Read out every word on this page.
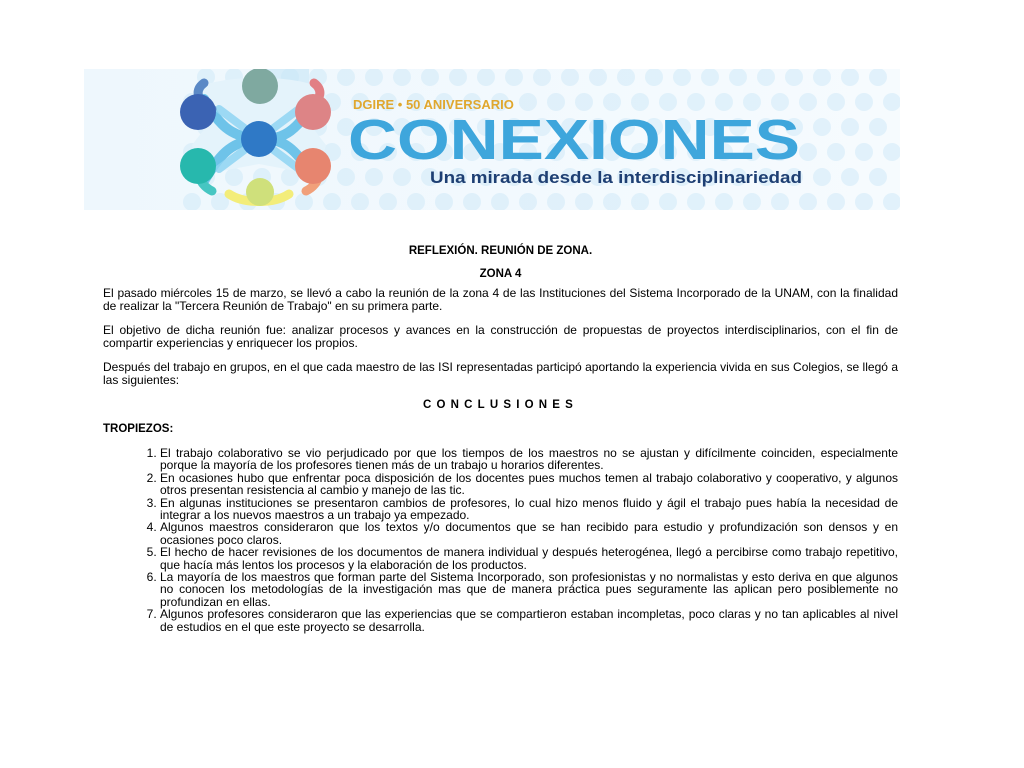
DGIRE • 50 ANIVERSARIO
CONEXIONES
Una mirada desde la interdisciplinariedad

REFLEXIÓN. REUNIÓN DE ZONA.

ZONA 4

El pasado miércoles 15 de marzo, se llevó a cabo la reunión de la zona 4 de las Instituciones del Sistema Incorporado de la UNAM, con la finalidad de realizar la "Tercera Reunión de Trabajo" en su primera parte.

El objetivo de dicha reunión fue: analizar procesos y avances en la construcción de propuestas de proyectos interdisciplinarios, con el fin de compartir experiencias y enriquecer los propios.

Después del trabajo en grupos, en el que cada maestro de las ISI representadas participó aportando la experiencia vivida en sus Colegios, se llegó a las siguientes:

CONCLUSIONES

TROPIEZOS:

1. El trabajo colaborativo se vio perjudicado por que los tiempos de los maestros no se ajustan y difícilmente coinciden, especialmente porque la mayoría de los profesores tienen más de un trabajo u horarios diferentes.
2. En ocasiones hubo que enfrentar poca disposición de los docentes pues muchos temen al trabajo colaborativo y cooperativo, y algunos otros presentan resistencia al cambio y manejo de las tic.
3. En algunas instituciones se presentaron cambios de profesores, lo cual hizo menos fluido y ágil el trabajo pues había la necesidad de integrar a los nuevos maestros a un trabajo ya empezado.
4. Algunos maestros consideraron que los textos y/o documentos que se han recibido para estudio y profundización son densos y en ocasiones poco claros.
5. El hecho de hacer revisiones de los documentos de manera individual y después heterogénea, llegó a percibirse como trabajo repetitivo, que hacía más lentos los procesos y la elaboración de los productos.
6. La mayoría de los maestros que forman parte del Sistema Incorporado, son profesionistas y no normalistas y esto deriva en que algunos no conocen los metodologías de la investigación mas que de manera práctica pues seguramente las aplican pero posiblemente no profundizan en ellas.
7. Algunos profesores consideraron que las experiencias que se compartieron estaban incompletas, poco claras y no tan aplicables al nivel de estudios en el que este proyecto se desarrolla.
